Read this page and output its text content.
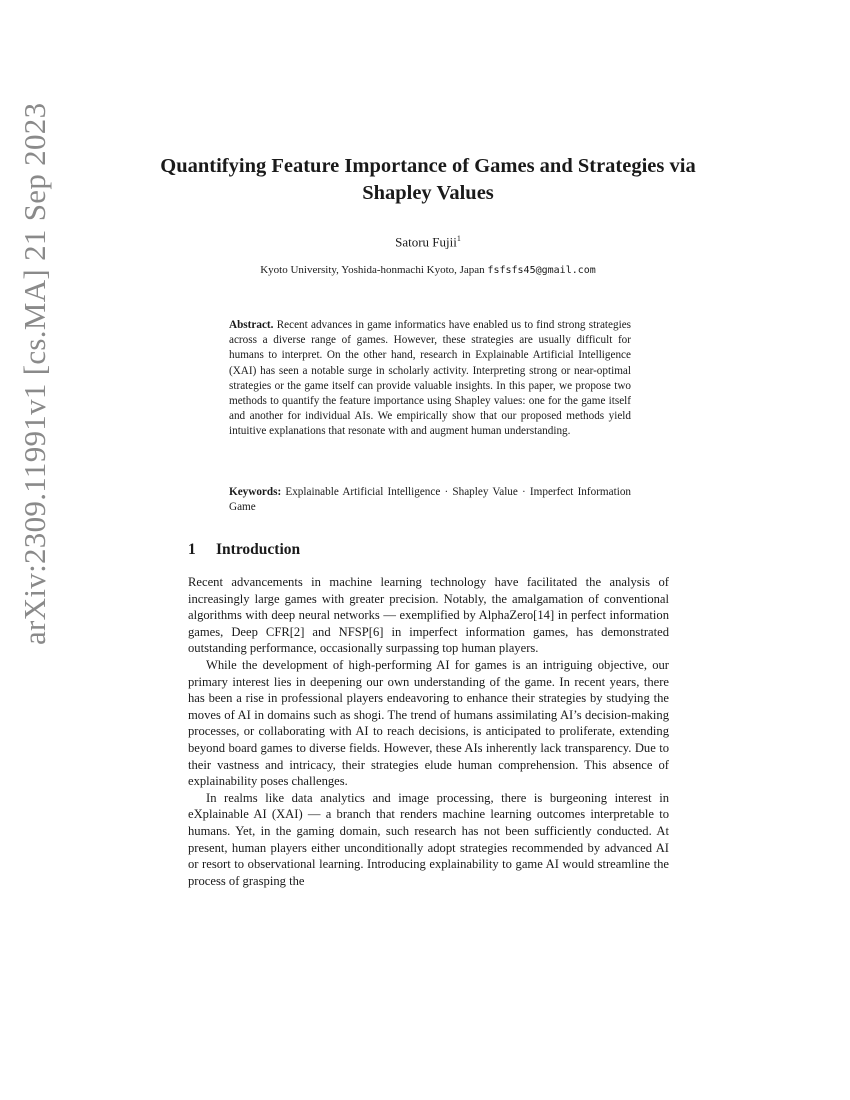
arXiv:2309.11991v1 [cs.MA] 21 Sep 2023	Quantifying Feature Importance of Games and Strategies via Shapley Values
Satoru Fujii$^1$
Kyoto University, Yoshida-honmachi Kyoto, Japan fsfsfs45@gmail.com
Abstract. Recent advances in game informatics have enabled us to find strong strategies across a diverse range of games. However, these strategies are usually difficult for humans to interpret. On the other hand, research in Explainable Artificial Intelligence (XAI) has seen a notable surge in scholarly activity. Interpreting strong or near-optimal strategies or the game itself can provide valuable insights. In this paper, we propose two methods to quantify the feature importance using Shapley values: one for the game itself and another for individual AIs. We empirically show that our proposed methods yield intuitive explanations that resonate with and augment human understanding.
Keywords: Explainable Artificial Intelligence · Shapley Value · Imperfect Information Game
1 Introduction

Recent advancements in machine learning technology have facilitated the analysis of increasingly large games with greater precision. Notably, the amalgamation of conventional algorithms with deep neural networks — exemplified by AlphaZero[14] in perfect information games, Deep CFR[2] and NFSP[6] in imperfect information games, has demonstrated outstanding performance, occasionally surpassing top human players.

While the development of high-performing AI for games is an intriguing objective, our primary interest lies in deepening our own understanding of the game. In recent years, there has been a rise in professional players endeavoring to enhance their strategies by studying the moves of AI in domains such as shogi. The trend of humans assimilating AI’s decision-making processes, or collaborating with AI to reach decisions, is anticipated to proliferate, extending beyond board games to diverse fields. However, these AIs inherently lack transparency. Due to their vastness and intricacy, their strategies elude human comprehension. This absence of explainability poses challenges.

In realms like data analytics and image processing, there is burgeoning interest in eXplainable AI (XAI) — a branch that renders machine learning outcomes interpretable to humans. Yet, in the gaming domain, such research has not been sufficiently conducted. At present, human players either unconditionally adopt strategies recommended by advanced AI or resort to observational learning. Introducing explainability to game AI would streamline the process of grasping the
